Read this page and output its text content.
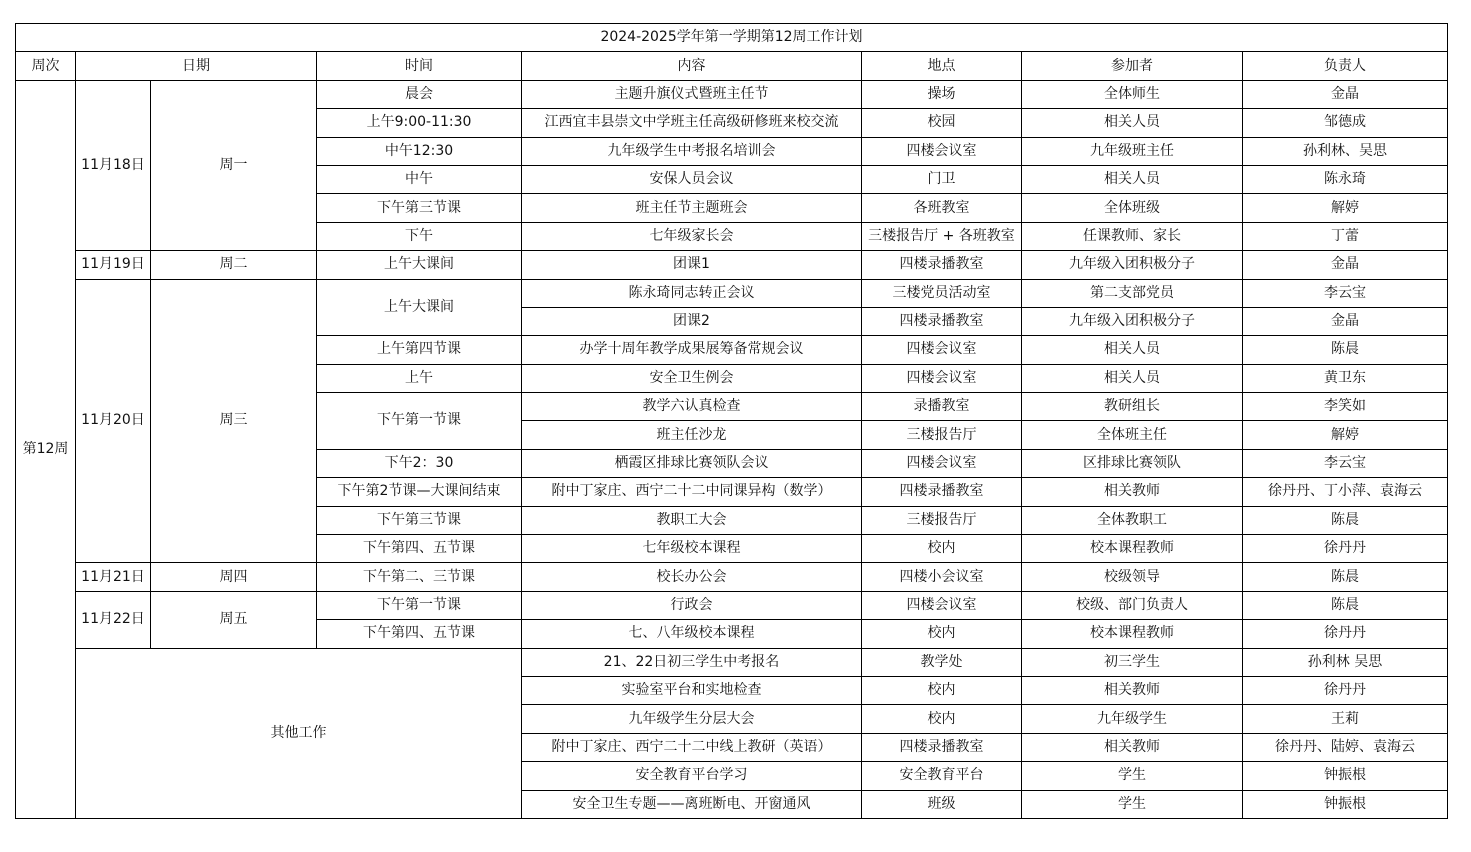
2024-2025学年第一学期第12周工作计划							
周次	日期		时间	内容	地点	参加者	负责人
第12周	11月18日	周一	晨会	主题升旗仪式暨班主任节	操场	全体师生	金晶
			上午9:00-11:30	江西宜丰县崇文中学班主任高级研修班来校交流	校园	相关人员	邹德成
			中午12:30	九年级学生中考报名培训会	四楼会议室	九年级班主任	孙利林、吴思
			中午	安保人员会议	门卫	相关人员	陈永琦
			下午第三节课	班主任节主题班会	各班教室	全体班级	解婷
			下午	七年级家长会	三楼报告厅 + 各班教室	任课教师、家长	丁蕾
	11月19日	周二	上午大课间	团课1	四楼录播教室	九年级入团积极分子	金晶
	11月20日	周三	上午大课间	陈永琦同志转正会议	三楼党员活动室	第二支部党员	李云宝
				团课2	四楼录播教室	九年级入团积极分子	金晶
			上午第四节课	办学十周年教学成果展筹备常规会议	四楼会议室	相关人员	陈晨
			上午	安全卫生例会	四楼会议室	相关人员	黄卫东
			下午第一节课	教学六认真检查	录播教室	教研组长	李笑如
				班主任沙龙	三楼报告厅	全体班主任	解婷
			下午2：30	栖霞区排球比赛领队会议	四楼会议室	区排球比赛领队	李云宝
			下午第2节课—大课间结束	附中丁家庄、西宁二十二中同课异构（数学）	四楼录播教室	相关教师	徐丹丹、丁小萍、袁海云
			下午第三节课	教职工大会	三楼报告厅	全体教职工	陈晨
			下午第四、五节课	七年级校本课程	校内	校本课程教师	徐丹丹
	11月21日	周四	下午第二、三节课	校长办公会	四楼小会议室	校级领导	陈晨
	11月22日	周五	下午第一节课	行政会	四楼会议室	校级、部门负责人	陈晨
			下午第四、五节课	七、八年级校本课程	校内	校本课程教师	徐丹丹
	其他工作			21、22日初三学生中考报名	教学处	初三学生	孙利林 吴思
				实验室平台和实地检查	校内	相关教师	徐丹丹
				九年级学生分层大会	校内	九年级学生	王莉
				附中丁家庄、西宁二十二中线上教研（英语）	四楼录播教室	相关教师	徐丹丹、陆婷、袁海云
				安全教育平台学习	安全教育平台	学生	钟振根
				安全卫生专题——离班断电、开窗通风	班级	学生	钟振根
